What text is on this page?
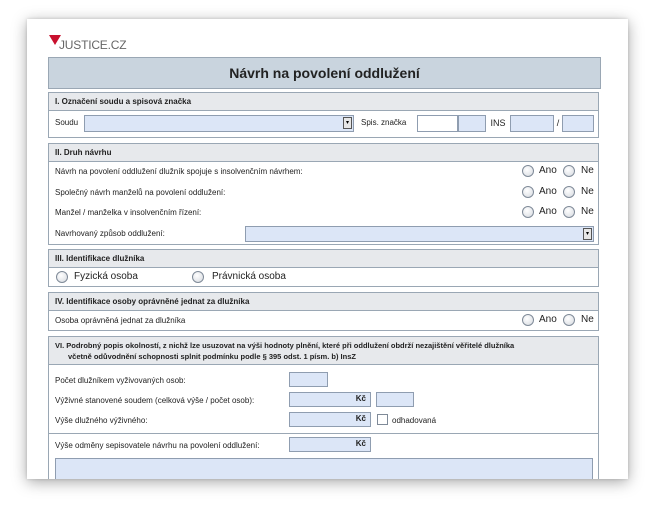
JUSTICE.CZ
Návrh na povolení oddlužení
I. Označení soudu a spisová značka
Soudu	▾	Spis. značka	INS	/
II. Druh návrhu
Návrh na povolení oddlužení dlužník spojuje s insolvenčním návrhem:	Ano Ne
Společný návrh manželů na povolení oddlužení:	Ano Ne
Manžel / manželka v insolvenčním řízení:	Ano Ne
Navrhovaný způsob oddlužení:	▾
III. Identifikace dlužníka
Fyzická osoba	Právnická osoba
IV. Identifikace osoby oprávněné jednat za dlužníka
Osoba oprávněná jednat za dlužníka	Ano Ne
VI. Podrobný popis okolností, z nichž lze usuzovat na výši hodnoty plnění, které při oddlužení obdrží nezajištění věřitelé dlužníka
včetně odůvodnění schopnosti splnit podmínku podle § 395 odst. 1 písm. b) InsZ
Počet dlužníkem vyživovaných osob:
Výživné stanovené soudem (celková výše / počet osob):	Kč
Výše dlužného výživného:	Kč	odhadovaná
Výše odměny sepisovatele návrhu na povolení oddlužení:	Kč
